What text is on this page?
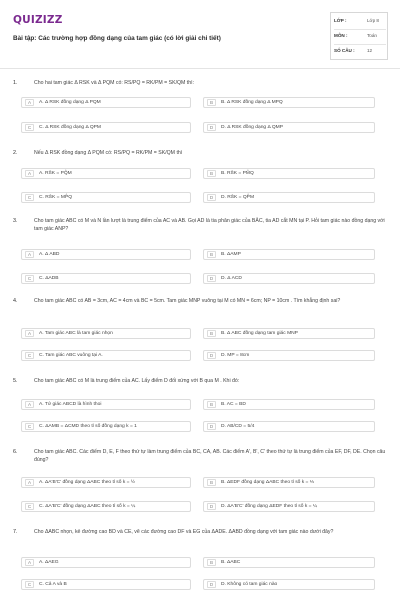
QUIZIZZ
Bài tập: Các trường hợp đồng dạng của tam giác (có lời giải chi tiết)
LỚP :	Lớp 8
MÔN :	Toán
SỐ CÂU :	12
1.	Cho hai tam giác Δ RSK và Δ PQM có: RS/PQ = RK/PM = SK/QM thì:
A	A. Δ RSK đồng dạng Δ PQM	B	B. Δ RSK đồng dạng Δ MPQ
C	C. Δ RSK đồng dạng Δ QPM	D	D. Δ RSK đồng dạng Δ QMP
2.	Nếu Δ RSK đồng dạng Δ PQM có: RS/PQ = RK/PM = SK/QM thì
A	A. RŜK = PQ̂M	B	B. RŜK = PM̂Q
C	C. RŜK = MP̂Q	D	D. RŜK = QP̂M
3.	Cho tam giác ABC có M và N lần lượt là trung điểm của AC và AB. Gọi AD là tia phân giác của BÂC, tia AD cắt MN tại P. Hỏi tam giác nào đồng dạng với tam giác ANP?
A	A. Δ ABD	B	B. ΔAMP
C	C. ΔADB	D	D. Δ ACD
4.	Cho tam giác ABC có AB = 3cm, AC = 4cm và BC = 5cm. Tam giác MNP vuông tại M có MN = 6cm; NP = 10cm . Tìm khẳng định sai?
A	A. Tam giác ABC là tam giác nhọn	B	B. Δ ABC đồng dạng tam giác MNP
C	C. Tam giác ABC vuông tại A.	D	D. MP = 8cm
5.	Cho tam giác ABC có M là trung điểm của AC. Lấy điểm D đối xứng với B qua M . Khi đó:
A	A. Tứ giác ABCD là hình thoi	B	B. AC = BD
C	C. ΔAMB = ΔCMD theo tỉ số đồng dạng k = 1	D	D. AB/CD = 5/4
6.	Cho tam giác ABC. Các điểm D, E, F theo thứ tự làm trung điểm của BC, CA, AB. Các điểm A', B', C' theo thứ tự là trung điểm của EF, DF, DE. Chọn câu đúng?
A	A. ΔA'B'C' đồng dạng ΔABC theo tỉ số k = ½	B	B. ΔEDF đồng dạng ΔABC theo tỉ số k = ⅓
C	C. ΔA'B'C' đồng dạng ΔABC theo tỉ số k = ¼	D	D. ΔA'B'C' đồng dạng ΔEDF theo tỉ số k = ¼
7.	Cho ΔABC nhọn, kẻ đường cao BD và CE, vẽ các đường cao DF và EG của ΔADE. ΔABD đồng dạng với tam giác nào dưới đây?
A	A. ΔAEG	B	B. ΔABC
C	C. Cả A và B	D	D. Không có tam giác nào
